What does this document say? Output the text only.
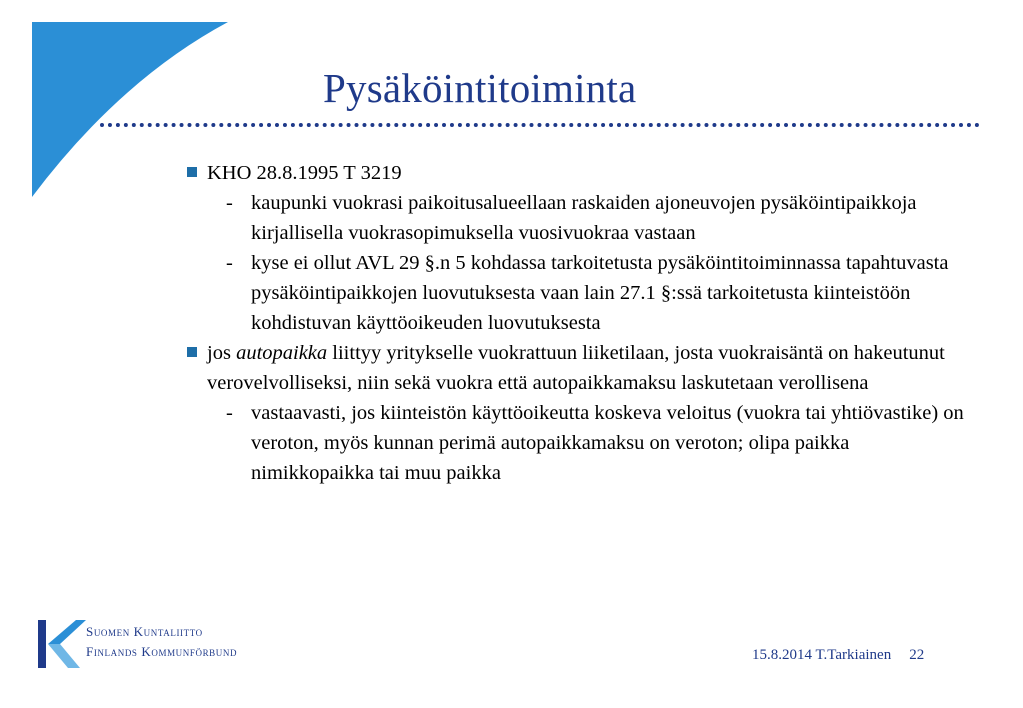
Pysäköintitoiminta
KHO 28.8.1995 T 3219
- kaupunki vuokrasi paikoitusalueellaan raskaiden ajoneuvojen pysäköintipaikkoja kirjallisella vuokrasopimuksella vuosivuokraa vastaan
- kyse ei ollut AVL 29 §.n 5 kohdassa tarkoitetusta pysäköintitoiminnassa tapahtuvasta pysäköintipaikkojen luovutuksesta vaan lain 27.1 §:ssä tarkoitetusta kiinteistöön kohdistuvan käyttöoikeuden luovutuksesta
jos autopaikka liittyy yritykselle vuokrattuun liiketilaan, josta vuokraisäntä on hakeutunut verovelvolliseksi, niin sekä vuokra että autopaikkamaksu laskutetaan verollisena
- vastaavasti, jos kiinteistön käyttöoikeutta koskeva veloitus (vuokra tai yhtiövastike) on veroton, myös kunnan perimä autopaikkamaksu on veroton; olipa paikka nimikkopaikka tai muu paikka
Suomen Kuntaliitto
Finlands Kommunförbund	15.8.2014 T.Tarkiainen 22
